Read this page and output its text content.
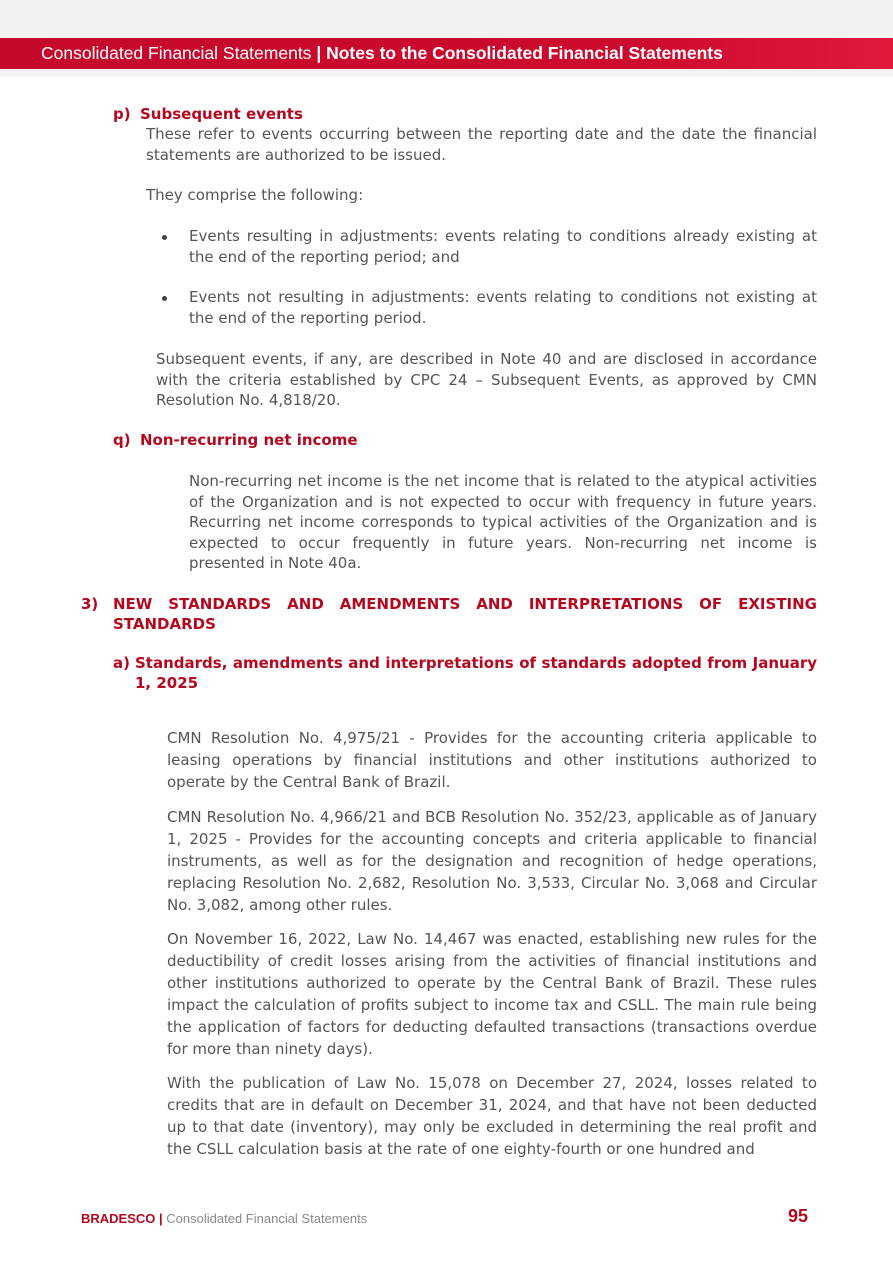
Consolidated Financial Statements | Notes to the Consolidated Financial Statements
p) Subsequent events
These refer to events occurring between the reporting date and the date the financial statements are authorized to be issued.
They comprise the following:
Events resulting in adjustments: events relating to conditions already existing at the end of the reporting period; and
Events not resulting in adjustments: events relating to conditions not existing at the end of the reporting period.
Subsequent events, if any, are described in Note 40 and are disclosed in accordance with the criteria established by CPC 24 – Subsequent Events, as approved by CMN Resolution No. 4,818/20.
q) Non-recurring net income
Non-recurring net income is the net income that is related to the atypical activities of the Organization and is not expected to occur with frequency in future years. Recurring net income corresponds to typical activities of the Organization and is expected to occur frequently in future years. Non-recurring net income is presented in Note 40a.
3) NEW STANDARDS AND AMENDMENTS AND INTERPRETATIONS OF EXISTING STANDARDS
a) Standards, amendments and interpretations of standards adopted from January 1, 2025
CMN Resolution No. 4,975/21 - Provides for the accounting criteria applicable to leasing operations by financial institutions and other institutions authorized to operate by the Central Bank of Brazil.
CMN Resolution No. 4,966/21 and BCB Resolution No. 352/23, applicable as of January 1, 2025 - Provides for the accounting concepts and criteria applicable to financial instruments, as well as for the designation and recognition of hedge operations, replacing Resolution No. 2,682, Resolution No. 3,533, Circular No. 3,068 and Circular No. 3,082, among other rules.
On November 16, 2022, Law No. 14,467 was enacted, establishing new rules for the deductibility of credit losses arising from the activities of financial institutions and other institutions authorized to operate by the Central Bank of Brazil. These rules impact the calculation of profits subject to income tax and CSLL. The main rule being the application of factors for deducting defaulted transactions (transactions overdue for more than ninety days).
With the publication of Law No. 15,078 on December 27, 2024, losses related to credits that are in default on December 31, 2024, and that have not been deducted up to that date (inventory), may only be excluded in determining the real profit and the CSLL calculation basis at the rate of one eighty-fourth or one hundred and
BRADESCO | Consolidated Financial Statements	95
